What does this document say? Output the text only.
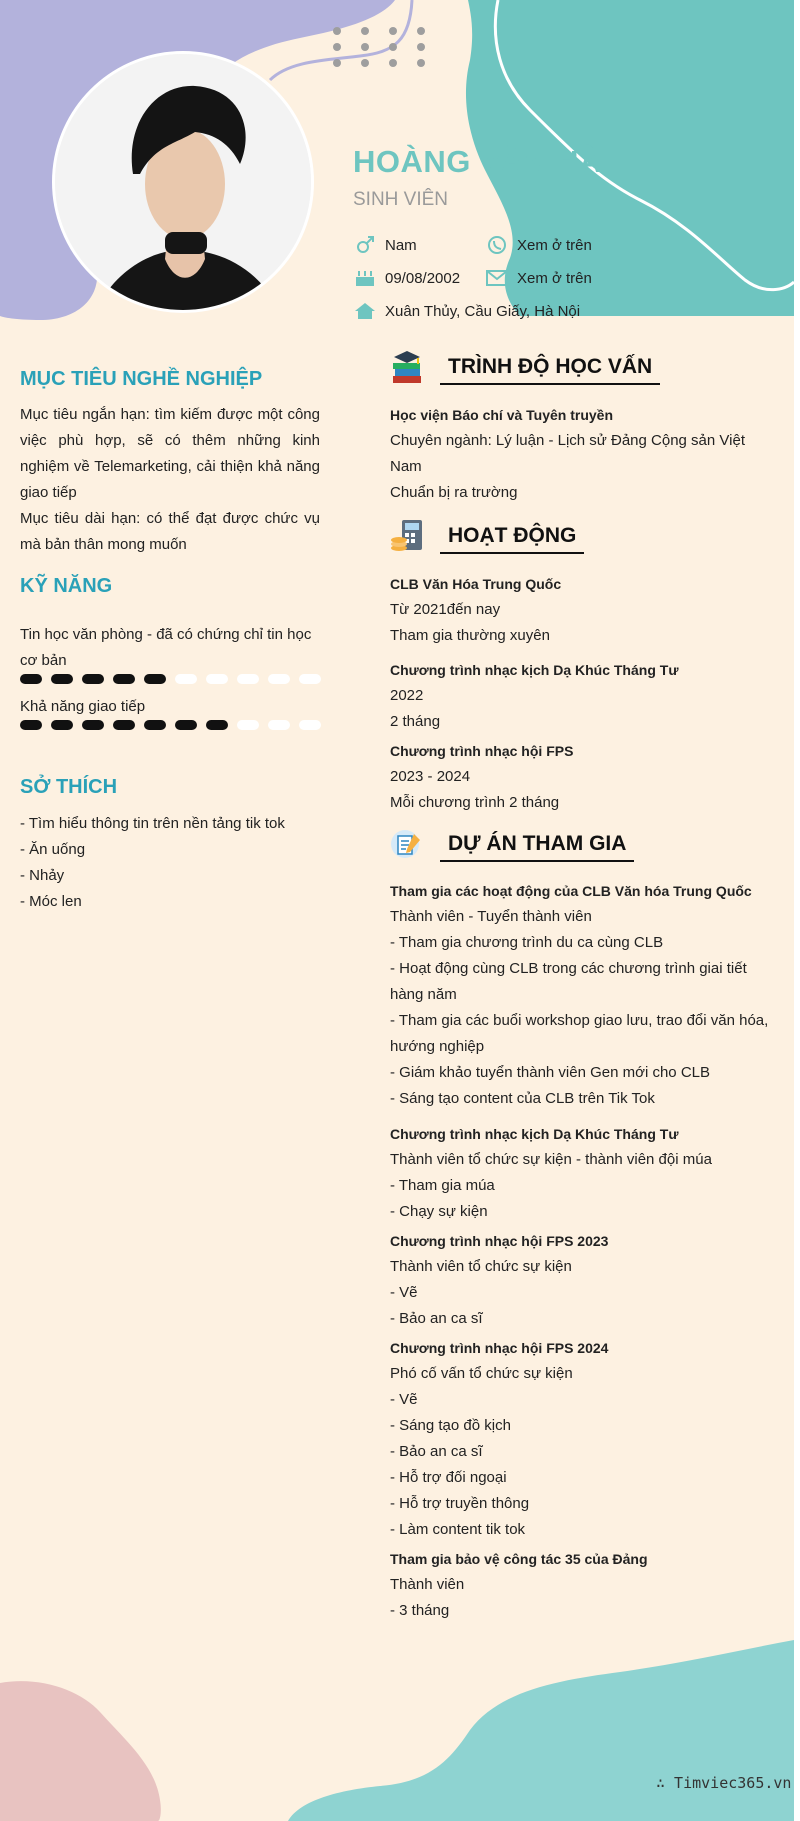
HOÀNG VĂN HÀ
SINH VIÊN
Nam	Xem ở trên
09/08/2002	Xem ở trên
Xuân Thủy, Cầu Giấy, Hà Nội
MỤC TIÊU NGHỀ NGHIỆP

Mục tiêu ngắn hạn: tìm kiếm được một công việc phù hợp, sẽ có thêm những kinh nghiệm về Telemarketing, cải thiện khả năng giao tiếp

Mục tiêu dài hạn: có thể đạt được chức vụ mà bản thân mong muốn

KỸ NĂNG
Tin học văn phòng - đã có chứng chỉ tin học cơ bản
Khả năng giao tiếp
SỞ THÍCH

- Tìm hiểu thông tin trên nền tảng tik tok

- Ăn uống

- Nhảy

- Móc len

TRÌNH ĐỘ HỌC VẤN
Học viện Báo chí và Tuyên truyền
Chuyên ngành: Lý luận - Lịch sử Đảng Cộng sản Việt Nam
Chuẩn bị ra trường
HOẠT ĐỘNG
CLB Văn Hóa Trung Quốc
Từ 2021đến nay
Tham gia thường xuyên
Chương trình nhạc kịch Dạ Khúc Tháng Tư
2022
2 tháng
Chương trình nhạc hội FPS
2023 - 2024
Mỗi chương trình 2 tháng
DỰ ÁN THAM GIA
Tham gia các hoạt động của CLB Văn hóa Trung Quốc
Thành viên - Tuyển thành viên
- Tham gia chương trình du ca cùng CLB
- Hoạt động cùng CLB trong các chương trình giai tiết hàng năm
- Tham gia các buổi workshop giao lưu, trao đổi văn hóa, hướng nghiệp
- Giám khảo tuyển thành viên Gen mới cho CLB
- Sáng tạo content của CLB trên Tik Tok
Chương trình nhạc kịch Dạ Khúc Tháng Tư
Thành viên tổ chức sự kiện - thành viên đội múa
- Tham gia múa
- Chạy sự kiện
Chương trình nhạc hội FPS 2023
Thành viên tổ chức sự kiện
- Vẽ
- Bảo an ca sĩ
Chương trình nhạc hội FPS 2024
Phó cố vấn tổ chức sự kiện
- Vẽ
- Sáng tạo đồ kịch
- Bảo an ca sĩ
- Hỗ trợ đối ngoại
- Hỗ trợ truyền thông
- Làm content tik tok
Tham gia bảo vệ công tác 35 của Đảng
Thành viên
- 3 tháng
∴ Timviec365.vn
